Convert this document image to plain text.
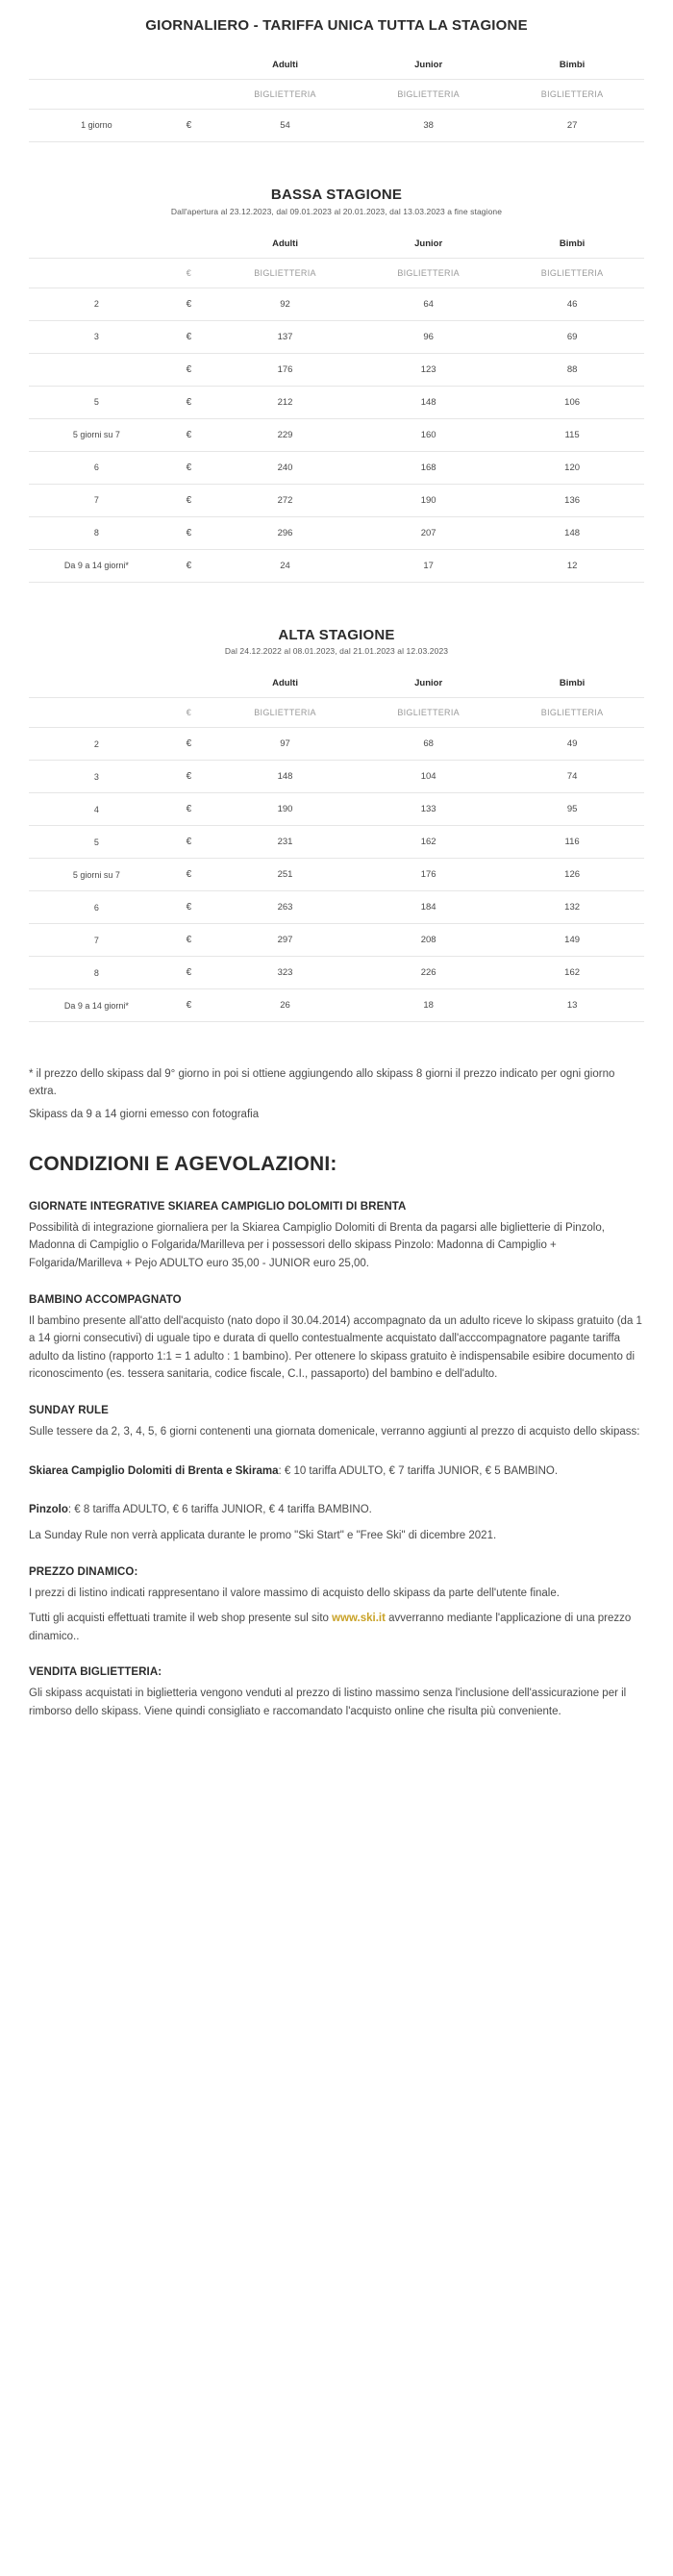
GIORNALIERO - TARIFFA UNICA TUTTA LA STAGIONE
		Adulti	Junior	Bimbi
		BIGLIETTERIA	BIGLIETTERIA	BIGLIETTERIA
1 giorno	€	54	38	27
BASSA STAGIONE
Dall'apertura al 23.12.2023, dal 09.01.2023 al 20.01.2023, dal 13.03.2023 a fine stagione
		Adulti	Junior	Bimbi
	€	BIGLIETTERIA	BIGLIETTERIA	BIGLIETTERIA
2	€	92	64	46
3	€	137	96	69
	€	176	123	88
5	€	212	148	106
5 giorni su 7	€	229	160	115
6	€	240	168	120
7	€	272	190	136
8	€	296	207	148
Da 9 a 14 giorni*	€	24	17	12
ALTA STAGIONE
Dal 24.12.2022 al 08.01.2023, dal 21.01.2023 al 12.03.2023
		Adulti	Junior	Bimbi
	€	BIGLIETTERIA	BIGLIETTERIA	BIGLIETTERIA
2	€	97	68	49
3	€	148	104	74
4	€	190	133	95
5	€	231	162	116
5 giorni su 7	€	251	176	126
6	€	263	184	132
7	€	297	208	149
8	€	323	226	162
Da 9 a 14 giorni*	€	26	18	13

* il prezzo dello skipass dal 9° giorno in poi si ottiene aggiungendo allo skipass 8 giorni il prezzo indicato per ogni giorno extra.

Skipass da 9 a 14 giorni emesso con fotografia

CONDIZIONI E AGEVOLAZIONI:
GIORNATE INTEGRATIVE SKIAREA CAMPIGLIO DOLOMITI DI BRENTA

Possibilità di integrazione giornaliera per la Skiarea Campiglio Dolomiti di Brenta da pagarsi alle biglietterie di Pinzolo, Madonna di Campiglio o Folgarida/Marilleva per i possessori dello skipass Pinzolo: Madonna di Campiglio + Folgarida/Marilleva + Pejo ADULTO euro 35,00 - JUNIOR euro 25,00.

BAMBINO ACCOMPAGNATO

Il bambino presente all'atto dell'acquisto (nato dopo il 30.04.2014) accompagnato da un adulto riceve lo skipass gratuito (da 1 a 14 giorni consecutivi) di uguale tipo e durata di quello contestualmente acquistato dall'acccompagnatore pagante tariffa adulto da listino (rapporto 1:1 = 1 adulto : 1 bambino). Per ottenere lo skipass gratuito è indispensabile esibire documento di riconoscimento (es. tessera sanitaria, codice fiscale, C.I., passaporto) del bambino e dell'adulto.

SUNDAY RULE

Sulle tessere da 2, 3, 4, 5, 6 giorni contenenti una giornata domenicale, verranno aggiunti al prezzo di acquisto dello skipass:

Skiarea Campiglio Dolomiti di Brenta e Skirama: € 10 tariffa ADULTO, € 7 tariffa JUNIOR, € 5 BAMBINO.

Pinzolo: € 8 tariffa ADULTO, € 6 tariffa JUNIOR, € 4 tariffa BAMBINO.

La Sunday Rule non verrà applicata durante le promo "Ski Start" e "Free Ski" di dicembre 2021.

PREZZO DINAMICO:

I prezzi di listino indicati rappresentano il valore massimo di acquisto dello skipass da parte dell'utente finale.

Tutti gli acquisti effettuati tramite il web shop presente sul sito www.ski.it avverranno mediante l'applicazione di una prezzo dinamico..

VENDITA BIGLIETTERIA:

Gli skipass acquistati in biglietteria vengono venduti al prezzo di listino massimo senza l'inclusione dell'assicurazione per il rimborso dello skipass. Viene quindi consigliato e raccomandato l'acquisto online che risulta più conveniente.
